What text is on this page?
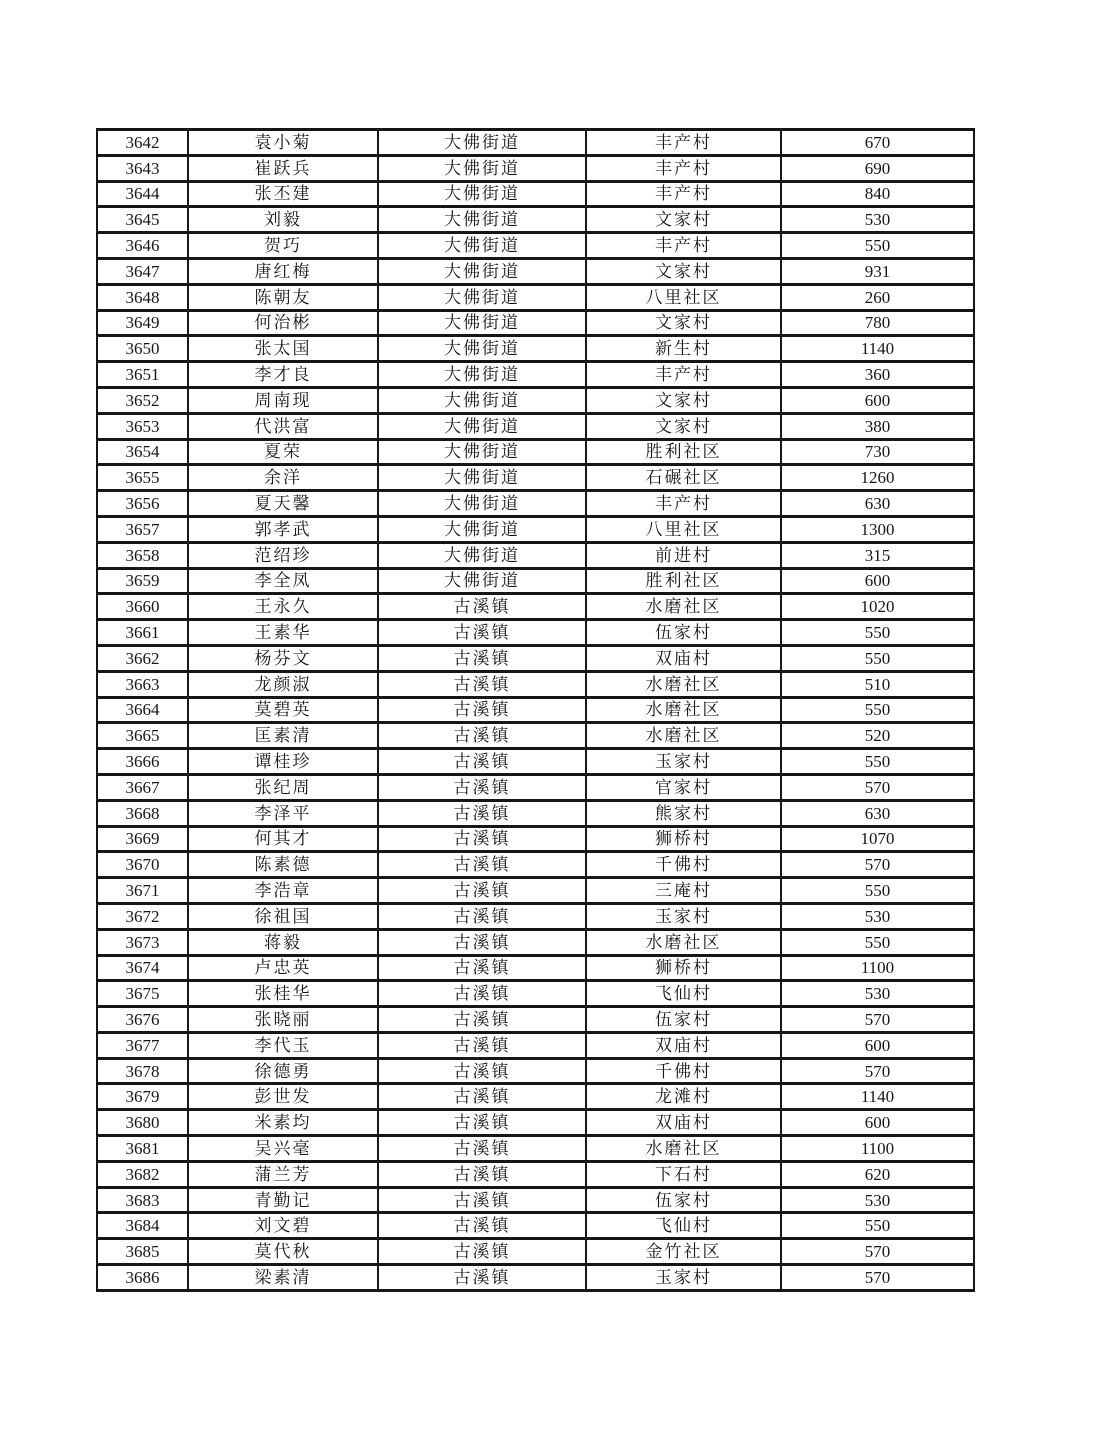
3642	袁小菊	大佛街道	丰产村	670
3643	崔跃兵	大佛街道	丰产村	690
3644	张丕建	大佛街道	丰产村	840
3645	刘毅	大佛街道	文家村	530
3646	贺巧	大佛街道	丰产村	550
3647	唐红梅	大佛街道	文家村	931
3648	陈朝友	大佛街道	八里社区	260
3649	何治彬	大佛街道	文家村	780
3650	张太国	大佛街道	新生村	1140
3651	李才良	大佛街道	丰产村	360
3652	周南现	大佛街道	文家村	600
3653	代洪富	大佛街道	文家村	380
3654	夏荣	大佛街道	胜利社区	730
3655	余洋	大佛街道	石碾社区	1260
3656	夏天馨	大佛街道	丰产村	630
3657	郭孝武	大佛街道	八里社区	1300
3658	范绍珍	大佛街道	前进村	315
3659	李全凤	大佛街道	胜利社区	600
3660	王永久	古溪镇	水磨社区	1020
3661	王素华	古溪镇	伍家村	550
3662	杨芬文	古溪镇	双庙村	550
3663	龙颜淑	古溪镇	水磨社区	510
3664	莫碧英	古溪镇	水磨社区	550
3665	匡素清	古溪镇	水磨社区	520
3666	谭桂珍	古溪镇	玉家村	550
3667	张纪周	古溪镇	官家村	570
3668	李泽平	古溪镇	熊家村	630
3669	何其才	古溪镇	狮桥村	1070
3670	陈素德	古溪镇	千佛村	570
3671	李浩章	古溪镇	三庵村	550
3672	徐祖国	古溪镇	玉家村	530
3673	蒋毅	古溪镇	水磨社区	550
3674	卢忠英	古溪镇	狮桥村	1100
3675	张桂华	古溪镇	飞仙村	530
3676	张晓丽	古溪镇	伍家村	570
3677	李代玉	古溪镇	双庙村	600
3678	徐德勇	古溪镇	千佛村	570
3679	彭世发	古溪镇	龙滩村	1140
3680	米素均	古溪镇	双庙村	600
3681	吴兴毫	古溪镇	水磨社区	1100
3682	蒲兰芳	古溪镇	下石村	620
3683	青勤记	古溪镇	伍家村	530
3684	刘文碧	古溪镇	飞仙村	550
3685	莫代秋	古溪镇	金竹社区	570
3686	梁素清	古溪镇	玉家村	570
